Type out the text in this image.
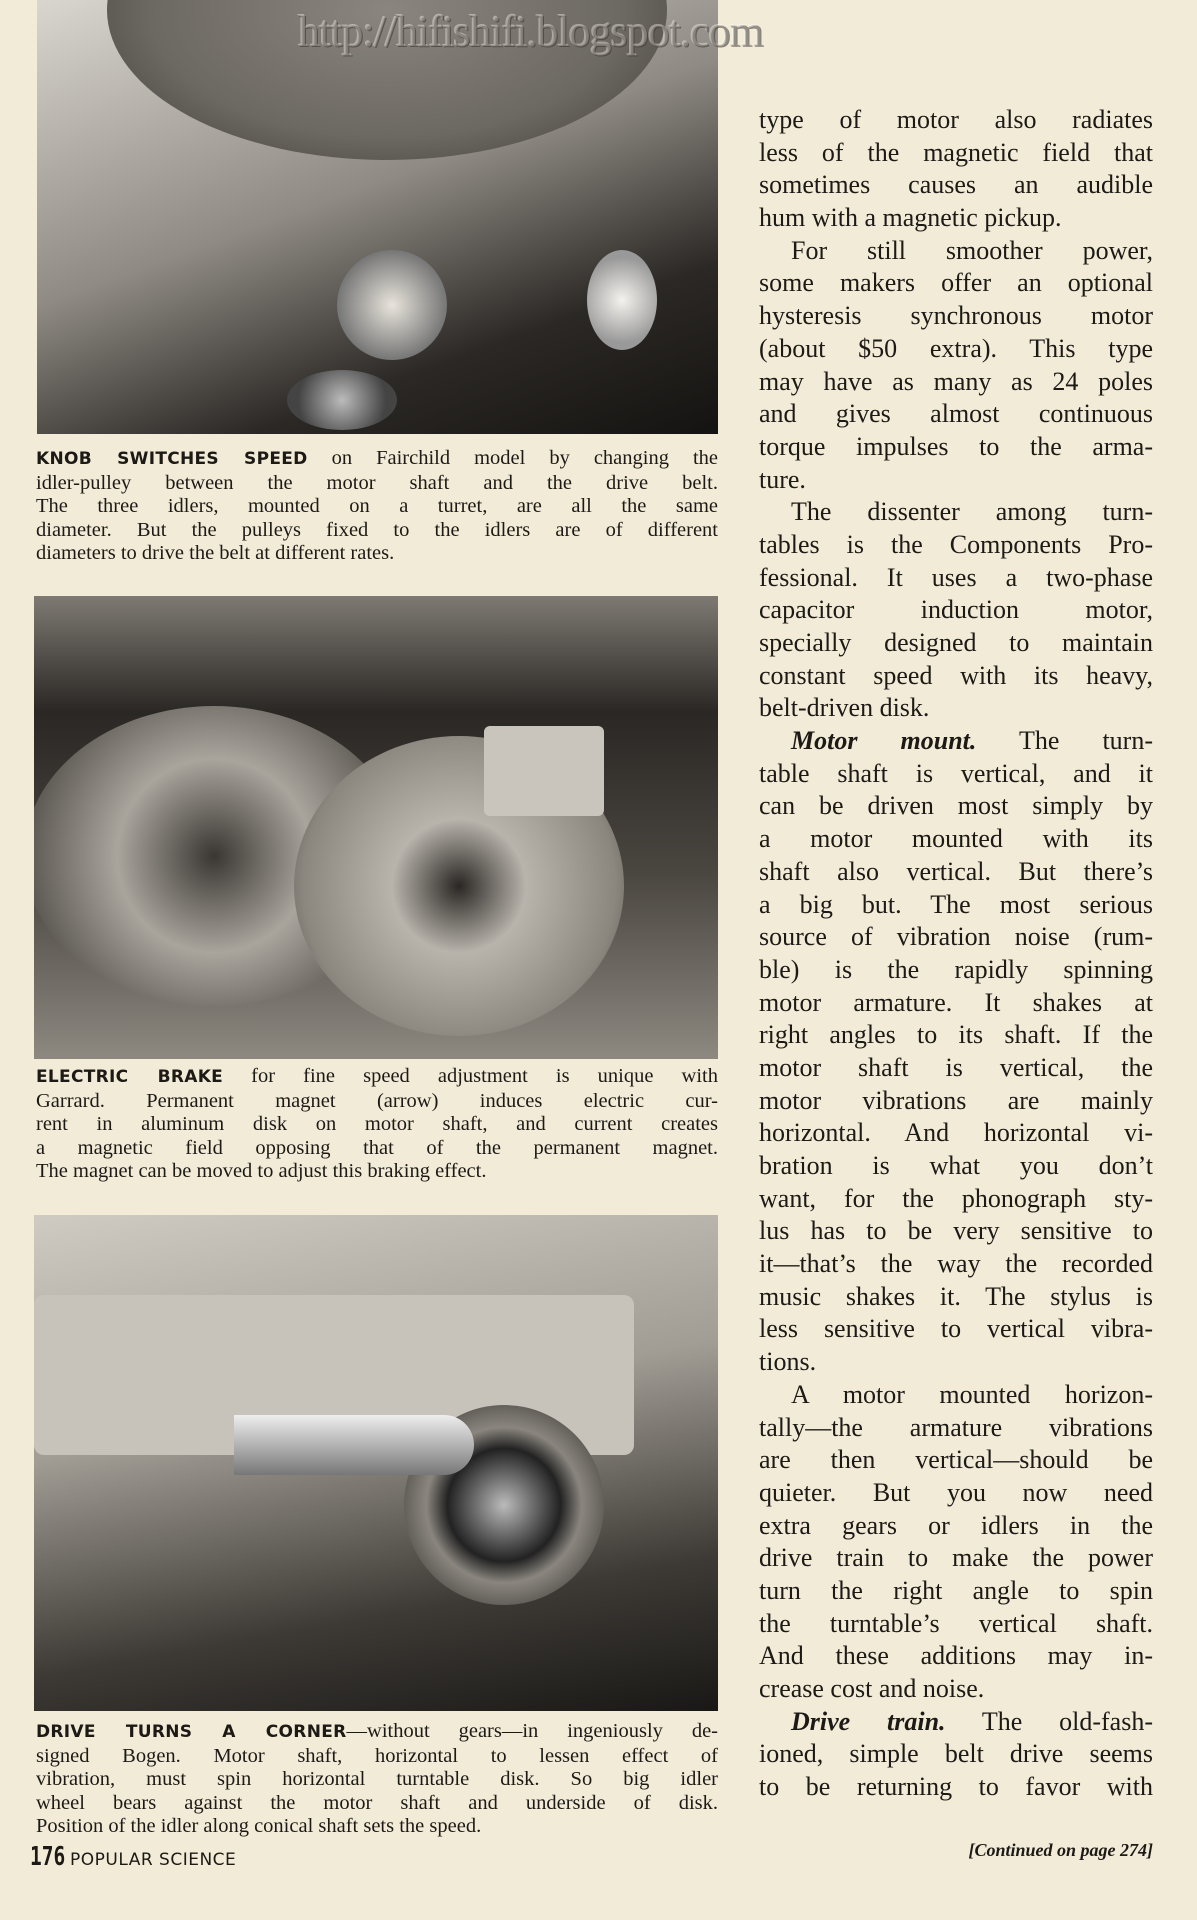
http://hifishifi.blogspot.com
KNOB SWITCHES SPEED on Fairchild model by changing the
idler-pulley between the motor shaft and the drive belt.
The three idlers, mounted on a turret, are all the same
diameter. But the pulleys fixed to the idlers are of different
diameters to drive the belt at different rates.
ELECTRIC BRAKE for fine speed adjustment is unique with
Garrard. Permanent magnet (arrow) induces electric cur-
rent in aluminum disk on motor shaft, and current creates
a magnetic field opposing that of the permanent magnet.
The magnet can be moved to adjust this braking effect.
DRIVE TURNS A CORNER—without gears—in ingeniously de-
signed Bogen. Motor shaft, horizontal to lessen effect of
vibration, must spin horizontal turntable disk. So big idler
wheel bears against the motor shaft and underside of disk.
Position of the idler along conical shaft sets the speed.
type of motor also radiates
less of the magnetic field that
sometimes causes an audible
hum with a magnetic pickup.
For still smoother power,
some makers offer an optional
hysteresis synchronous motor
(about $50 extra). This type
may have as many as 24 poles
and gives almost continuous
torque impulses to the arma-
ture.
The dissenter among turn-
tables is the Components Pro-
fessional. It uses a two-phase
capacitor induction motor,
specially designed to maintain
constant speed with its heavy,
belt-driven disk.
Motor mount. The turn-
table shaft is vertical, and it
can be driven most simply by
a motor mounted with its
shaft also vertical. But there’s
a big but. The most serious
source of vibration noise (rum-
ble) is the rapidly spinning
motor armature. It shakes at
right angles to its shaft. If the
motor shaft is vertical, the
motor vibrations are mainly
horizontal. And horizontal vi-
bration is what you don’t
want, for the phonograph sty-
lus has to be very sensitive to
it—that’s the way the recorded
music shakes it. The stylus is
less sensitive to vertical vibra-
tions.
A motor mounted horizon-
tally—the armature vibrations
are then vertical—should be
quieter. But you now need
extra gears or idlers in the
drive train to make the power
turn the right angle to spin
the turntable’s vertical shaft.
And these additions may in-
crease cost and noise.
Drive train. The old-fash-
ioned, simple belt drive seems
to be returning to favor with
176 POPULAR SCIENCE	[Continued on page 274]
